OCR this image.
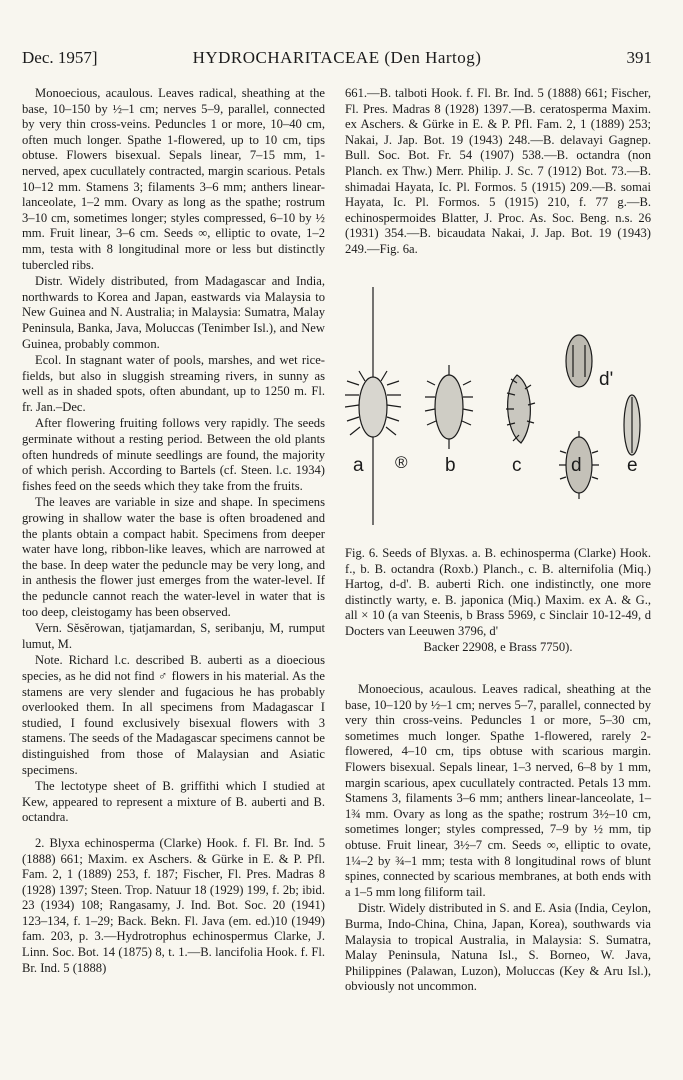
Dec. 1957]	HYDROCHARITACEAE (Den Hartog)	391

Monoecious, acaulous. Leaves radical, sheathing at the base, 10–150 by ½–1 cm; nerves 5–9, parallel, connected by very thin cross-veins. Peduncles 1 or more, 10–40 cm, often much longer. Spathe 1-flowered, up to 10 cm, tips obtuse. Flowers bisexual. Sepals linear, 7–15 mm, 1-nerved, apex cucullately contracted, margin scarious. Petals 10–12 mm. Stamens 3; filaments 3–6 mm; anthers linear-lanceolate, 1–2 mm. Ovary as long as the spathe; rostrum 3–10 cm, sometimes longer; styles compressed, 6–10 by ½ mm. Fruit linear, 3–6 cm. Seeds ∞, elliptic to ovate, 1–2 mm, testa with 8 longitudinal more or less but distinctly tubercled ribs.

Distr. Widely distributed, from Madagascar and India, northwards to Korea and Japan, eastwards via Malaysia to New Guinea and N. Australia; in Malaysia: Sumatra, Malay Peninsula, Banka, Java, Moluccas (Tenimber Isl.), and New Guinea, probably common.

Ecol. In stagnant water of pools, marshes, and wet rice-fields, but also in sluggish streaming rivers, in sunny as well as in shaded spots, often abundant, up to 1250 m. Fl. fr. Jan.–Dec.

After flowering fruiting follows very rapidly. The seeds germinate without a resting period. Between the old plants often hundreds of minute seedlings are found, the majority of which perish. According to Bartels (cf. Steen. l.c. 1934) fishes feed on the seeds which they take from the fruits.

The leaves are variable in size and shape. In specimens growing in shallow water the base is often broadened and the plants obtain a compact habit. Specimens from deeper water have long, ribbon-like leaves, which are narrowed at the base. In deep water the peduncle may be very long, and in anthesis the flower just emerges from the water-level. If the peduncle cannot reach the water-level in water that is too deep, cleistogamy has been observed.

Vern. Sĕsĕrowan, tjatjamardan, S, seribanju, M, rumput lumut, M.

Note. Richard l.c. described B. auberti as a dioecious species, as he did not find ♂ flowers in his material. As the stamens are very slender and fugacious he has probably overlooked them. In all specimens from Madagascar I studied, I found exclusively bisexual flowers with 3 stamens. The seeds of the Madagascar specimens cannot be distinguished from those of Malaysian and Asiatic specimens.

The lectotype sheet of B. griffithi which I studied at Kew, appeared to represent a mixture of B. auberti and B. octandra.

2. Blyxa echinosperma (Clarke) Hook. f. Fl. Br. Ind. 5 (1888) 661; Maxim. ex Aschers. & Gürke in E. & P. Pfl. Fam. 2, 1 (1889) 253, f. 187; Fischer, Fl. Pres. Madras 8 (1928) 1397; Steen. Trop. Natuur 18 (1929) 199, f. 2b; ibid. 23 (1934) 108; Rangasamy, J. Ind. Bot. Soc. 20 (1941) 123–134, f. 1–29; Back. Bekn. Fl. Java (em. ed.)10 (1949) fam. 203, p. 3.—Hydrotrophus echinospermus Clarke, J. Linn. Soc. Bot. 14 (1875) 8, t. 1.—B. lancifolia Hook. f. Fl. Br. Ind. 5 (1888)

661.—B. talboti Hook. f. Fl. Br. Ind. 5 (1888) 661; Fischer, Fl. Pres. Madras 8 (1928) 1397.—B. ceratosperma Maxim. ex Aschers. & Gürke in E. & P. Pfl. Fam. 2, 1 (1889) 253; Nakai, J. Jap. Bot. 19 (1943) 248.—B. delavayi Gagnep. Bull. Soc. Bot. Fr. 54 (1907) 538.—B. octandra (non Planch. ex Thw.) Merr. Philip. J. Sc. 7 (1912) Bot. 73.—B. shimadai Hayata, Ic. Pl. Formos. 5 (1915) 209.—B. somai Hayata, Ic. Pl. Formos. 5 (1915) 210, f. 77 g.—B. echinospermoides Blatter, J. Proc. As. Soc. Beng. n.s. 26 (1931) 354.—B. bicaudata Nakai, J. Jap. Bot. 19 (1943) 249.—Fig. 6a.

a ® b	c
d'
d e
Fig. 6. Seeds of Blyxas. a. B. echinosperma (Clarke) Hook. f., b. B. octandra (Roxb.) Planch., c. B. alternifolia (Miq.) Hartog, d-d'. B. auberti Rich. one indistinctly, one more distinctly warty, e. B. japonica (Miq.) Maxim. ex A. & G., all × 10 (a van Steenis, b Brass 5969, c Sinclair 10-12-49, d Docters van Leeuwen 3796, d'
Backer 22908, e Brass 7750).

Monoecious, acaulous. Leaves radical, sheathing at the base, 10–120 by ½–1 cm; nerves 5–7, parallel, connected by very thin cross-veins. Peduncles 1 or more, 5–30 cm, sometimes much longer. Spathe 1-flowered, rarely 2-flowered, 4–10 cm, tips obtuse with scarious margin. Flowers bisexual. Sepals linear, 1–3 nerved, 6–8 by 1 mm, margin scarious, apex cucullately contracted. Petals 13 mm. Stamens 3, filaments 3–6 mm; anthers linear-lanceolate, 1–1¾ mm. Ovary as long as the spathe; rostrum 3½–10 cm, sometimes longer; styles compressed, 7–9 by ½ mm, tip obtuse. Fruit linear, 3½–7 cm. Seeds ∞, elliptic to ovate, 1¼–2 by ¾–1 mm; testa with 8 longitudinal rows of blunt spines, connected by scarious membranes, at both ends with a 1–5 mm long filiform tail.

Distr. Widely distributed in S. and E. Asia (India, Ceylon, Burma, Indo-China, China, Japan, Korea), southwards via Malaysia to tropical Australia, in Malaysia: S. Sumatra, Malay Peninsula, Natuna Isl., S. Borneo, W. Java, Philippines (Palawan, Luzon), Moluccas (Key & Aru Isl.), obviously not uncommon.
